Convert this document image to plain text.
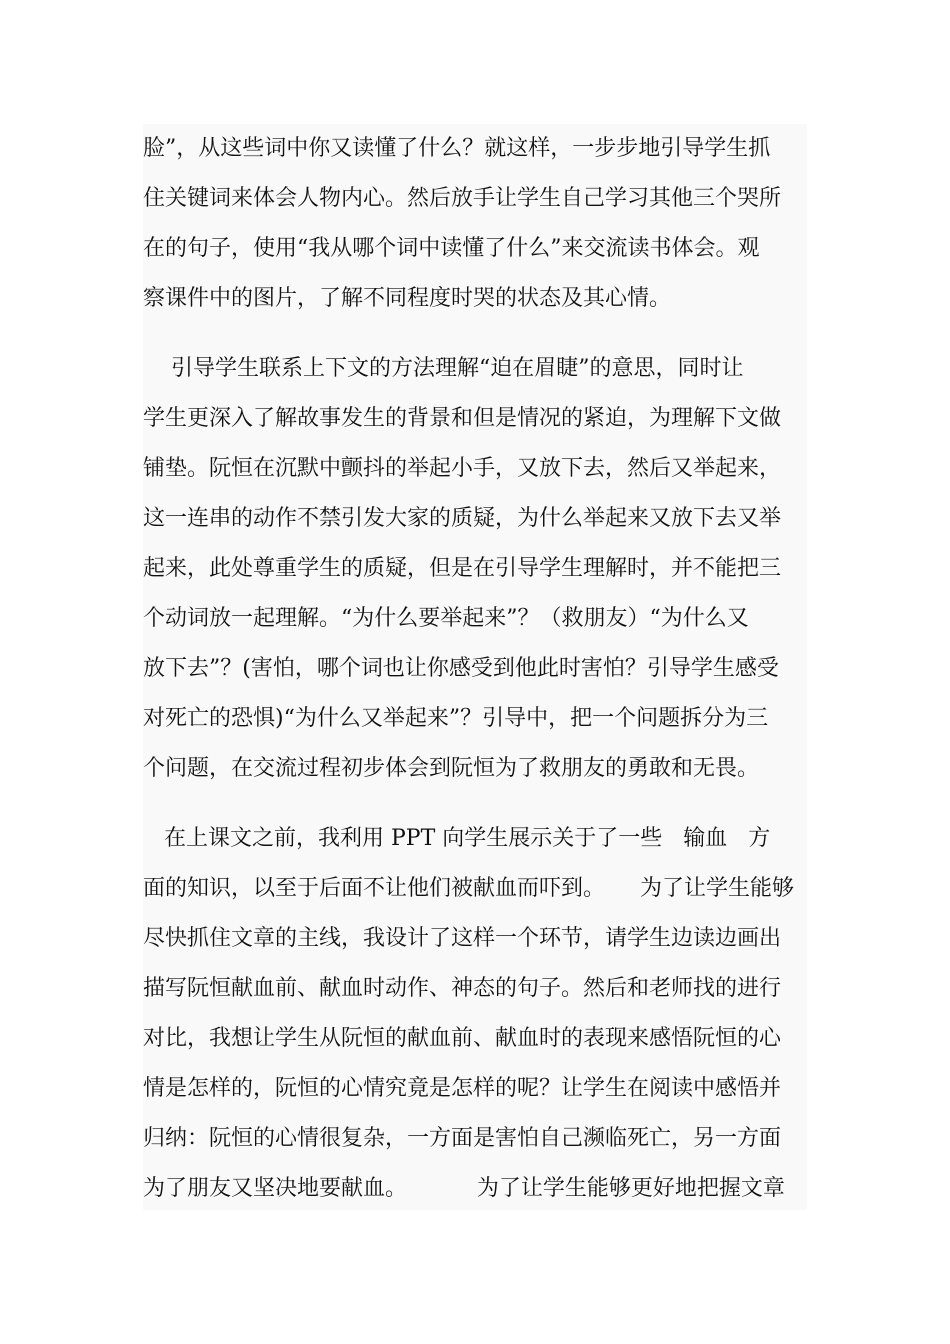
脸”，从这些词中你又读懂了什么？就这样，一步步地引导学生抓
住关键词来体会人物内心。然后放手让学生自己学习其他三个哭所
在的句子，使用“我从哪个词中读懂了什么”来交流读书体会。观
察课件中的图片，了解不同程度时哭的状态及其心情。
引导学生联系上下文的方法理解“迫在眉睫”的意思，同时让
学生更深入了解故事发生的背景和但是情况的紧迫，为理解下文做
铺垫。阮恒在沉默中颤抖的举起小手，又放下去，然后又举起来，
这一连串的动作不禁引发大家的质疑，为什么举起来又放下去又举
起来，此处尊重学生的质疑，但是在引导学生理解时，并不能把三
个动词放一起理解。“为什么要举起来”？（救朋友）“为什么又
放下去”？(害怕，哪个词也让你感受到他此时害怕？引导学生感受
对死亡的恐惧)“为什么又举起来”？引导中，把一个问题拆分为三
个问题，在交流过程初步体会到阮恒为了救朋友的勇敢和无畏。
在上课文之前，我利用 PPT 向学生展示关于了一些   输血   方
面的知识，以至于后面不让他们被献血而吓到。     为了让学生能够
尽快抓住文章的主线，我设计了这样一个环节，请学生边读边画出
描写阮恒献血前、献血时动作、神态的句子。然后和老师找的进行
对比，我想让学生从阮恒的献血前、献血时的表现来感悟阮恒的心
情是怎样的，阮恒的心情究竟是怎样的呢？让学生在阅读中感悟并
归纳：阮恒的心情很复杂，一方面是害怕自己濒临死亡，另一方面
为了朋友又坚决地要献血。          为了让学生能够更好地把握文章
